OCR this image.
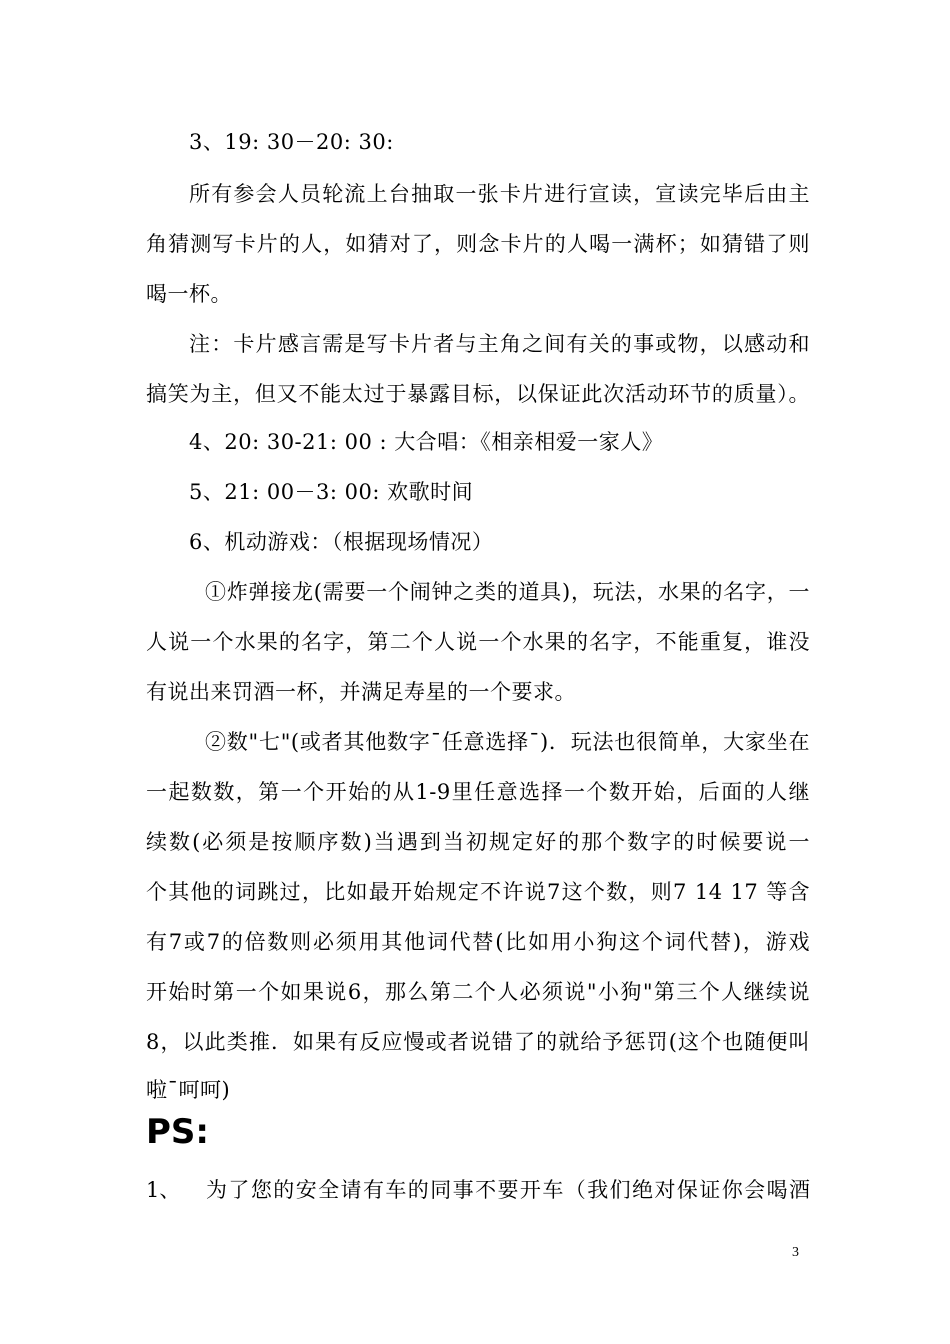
3、19: 30－20: 30:
所有参会人员轮流上台抽取一张卡片进行宣读，宣读完毕后由主
角猜测写卡片的人，如猜对了，则念卡片的人喝一满杯；如猜错了则
喝一杯。
注：卡片感言需是写卡片者与主角之间有关的事或物，以感动和
搞笑为主，但又不能太过于暴露目标，以保证此次活动环节的质量）。
4、20: 30-21: 00 : 大合唱：《相亲相爱一家人》
5、21: 00－3: 00: 欢歌时间
6、机动游戏：（根据现场情况）
①炸弹接龙(需要一个闹钟之类的道具)，玩法，水果的名字，一
人说一个水果的名字，第二个人说一个水果的名字，不能重复，谁没
有说出来罚酒一杯，并满足寿星的一个要求。
②数"七"(或者其他数字¯任意选择¯)．玩法也很简单，大家坐在
一起数数，第一个开始的从1-9里任意选择一个数开始，后面的人继
续数(必须是按顺序数)当遇到当初规定好的那个数字的时候要说一
个其他的词跳过，比如最开始规定不许说7这个数，则7 14 17 等含
有7或7的倍数则必须用其他词代替(比如用小狗这个词代替)，游戏
开始时第一个如果说6，那么第二个人必须说"小狗"第三个人继续说
8，以此类推．如果有反应慢或者说错了的就给予惩罚(这个也随便叫
啦¯呵呵)
PS:
1、 为了您的安全请有车的同事不要开车（我们绝对保证你会喝酒
3
